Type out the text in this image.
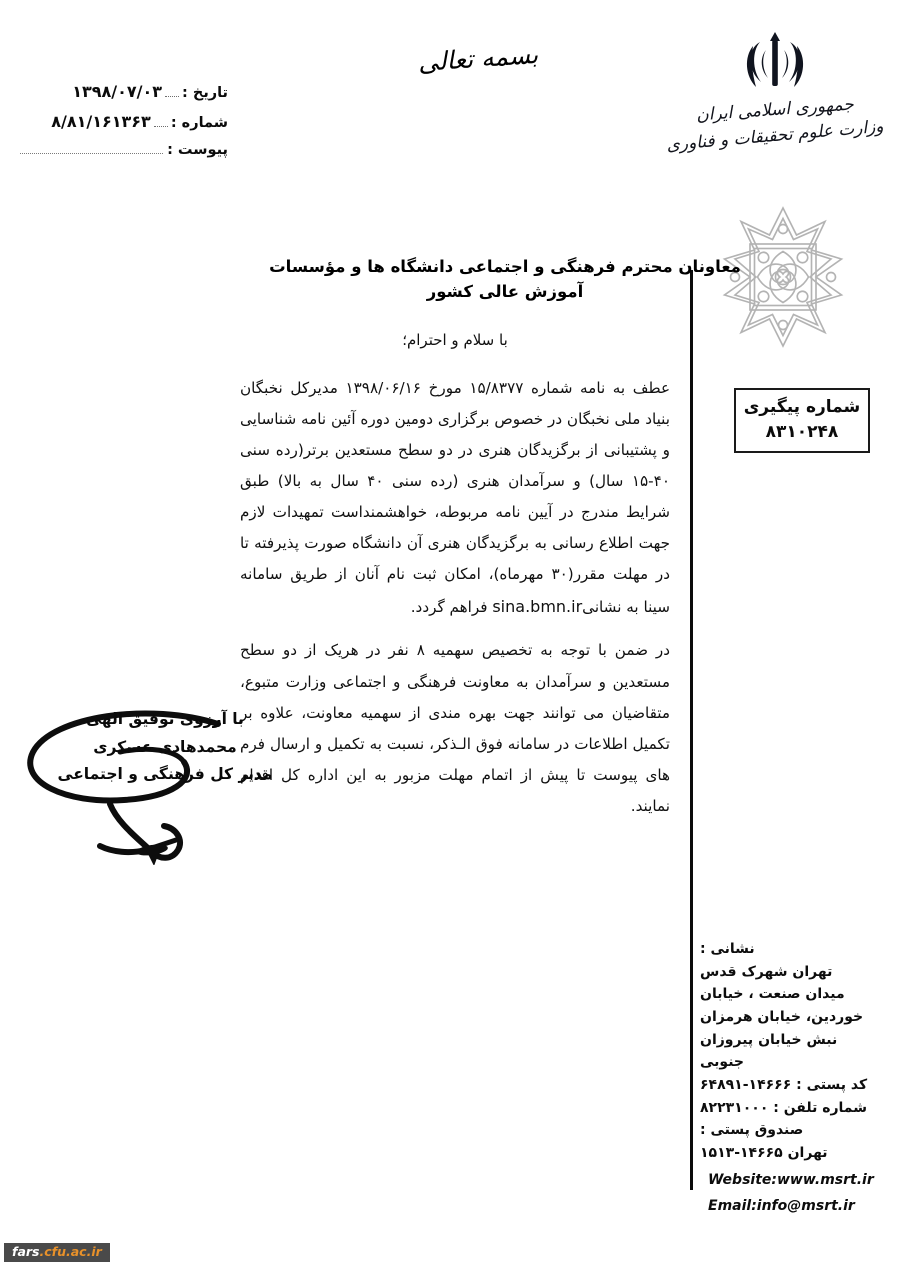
تاریخ :
۱۳۹۸/۰۷/۰۳
شماره :
۸/۸۱/۱۶۱۳۶۳
پیوست :
بسمه تعالی
جمهوری اسلامی ایران
وزارت علوم تحقیقات و فناوری
شماره پیگیری
۸۳۱۰۲۴۸
معاونان محترم فرهنگی و اجتماعی دانشگاه ها و مؤسسات آموزش عالی کشور
با سلام و احترام؛
عطف به نامه شماره ۱۵/۸۳۷۷ مورخ ۱۳۹۸/۰۶/۱۶ مدیرکل نخبگان بنیاد ملی نخبگان در خصوص برگزاری دومین دوره آئین نامه شناسایی و پشتیبانی از برگزیدگان هنری در دو سطح مستعدین برتر(رده سنی ۴۰-۱۵ سال) و سرآمدان هنری (رده سنی ۴۰ سال به بالا) طبق شرایط مندرج در آیین نامه مربوطه، خواهشمنداست تمهیدات لازم جهت اطلاع رسانی به برگزیدگان هنری آن دانشگاه صورت پذیرفته تا در مهلت مقرر(۳۰ مهرماه)، امکان ثبت نام آنان از طریق سامانه سینا به نشانیsina.bmn.ir فراهم گردد.
در ضمن با توجه به تخصیص سهمیه ۸ نفر در هریک از دو سطح مستعدین و سرآمدان به معاونت فرهنگی و اجتماعی وزارت متبوع، متقاضیان می توانند جهت بهره مندی از سهمیه معاونت، علاوه بر تکمیل اطلاعات در سامانه فوق الـذکر، نسبت به تکمیل و ارسال فرم های پیوست تا پیش از اتمام مهلت مزبور به این اداره کل اقدام نمایند.
با آرزوی توفیق الهی
محمدهادی عسکری
مدیر کل فرهنگی و اجتماعی
نشانی :
تهران شهرک قدس
میدان صنعت ، خیابان
خوردین، خیابان هرمزان
نبش خیابان پیروزان جنوبی
کد پستی : ۱۴۶۶۶-۶۴۸۹۱
شماره تلفن : ۸۲۲۳۱۰۰۰
صندوق پستی :
تهران ۱۴۶۶۵-۱۵۱۳
Website:www.msrt.ir
Email:info@msrt.ir
fars.cfu.ac.ir
